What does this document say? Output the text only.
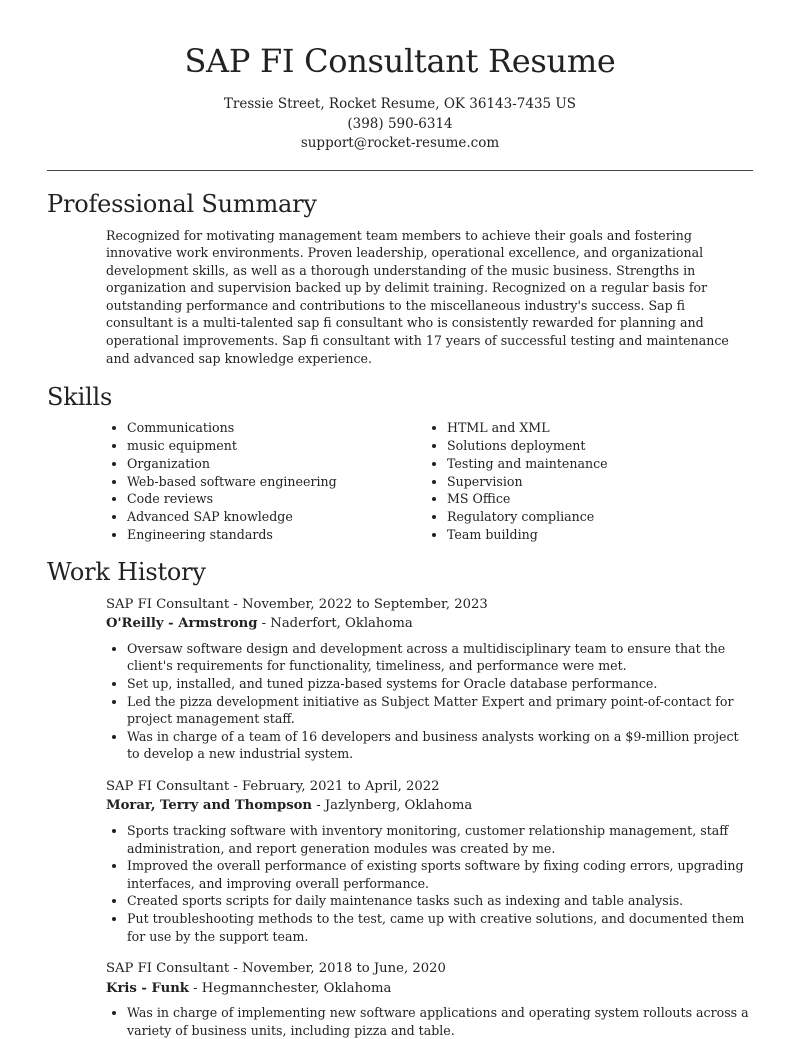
SAP FI Consultant Resume
Tressie Street, Rocket Resume, OK 36143-7435 US
(398) 590-6314
support@rocket-resume.com
Professional Summary

Recognized for motivating management team members to achieve their goals and fostering innovative work environments. Proven leadership, operational excellence, and organizational development skills, as well as a thorough understanding of the music business. Strengths in organization and supervision backed up by delimit training. Recognized on a regular basis for outstanding performance and contributions to the miscellaneous industry's success. Sap fi consultant is a multi-talented sap fi consultant who is consistently rewarded for planning and operational improvements. Sap fi consultant with 17 years of successful testing and maintenance and advanced sap knowledge experience.

Skills
• Communications
• music equipment
• Organization
• Web-based software engineering
• Code reviews
• Advanced SAP knowledge
• Engineering standards
• HTML and XML
• Solutions deployment
• Testing and maintenance
• Supervision
• MS Office
• Regulatory compliance
• Team building
Work History
SAP FI Consultant - November, 2022 to September, 2023
O'Reilly - Armstrong - Naderfort, Oklahoma
• Oversaw software design and development across a multidisciplinary team to ensure that the client's requirements for functionality, timeliness, and performance were met.
• Set up, installed, and tuned pizza-based systems for Oracle database performance.
• Led the pizza development initiative as Subject Matter Expert and primary point-of-contact for project management staff.
• Was in charge of a team of 16 developers and business analysts working on a $9-million project to develop a new industrial system.
SAP FI Consultant - February, 2021 to April, 2022
Morar, Terry and Thompson - Jazlynberg, Oklahoma
• Sports tracking software with inventory monitoring, customer relationship management, staff administration, and report generation modules was created by me.
• Improved the overall performance of existing sports software by fixing coding errors, upgrading interfaces, and improving overall performance.
• Created sports scripts for daily maintenance tasks such as indexing and table analysis.
• Put troubleshooting methods to the test, came up with creative solutions, and documented them for use by the support team.
SAP FI Consultant - November, 2018 to June, 2020
Kris - Funk - Hegmannchester, Oklahoma
• Was in charge of implementing new software applications and operating system rollouts across a variety of business units, including pizza and table.
